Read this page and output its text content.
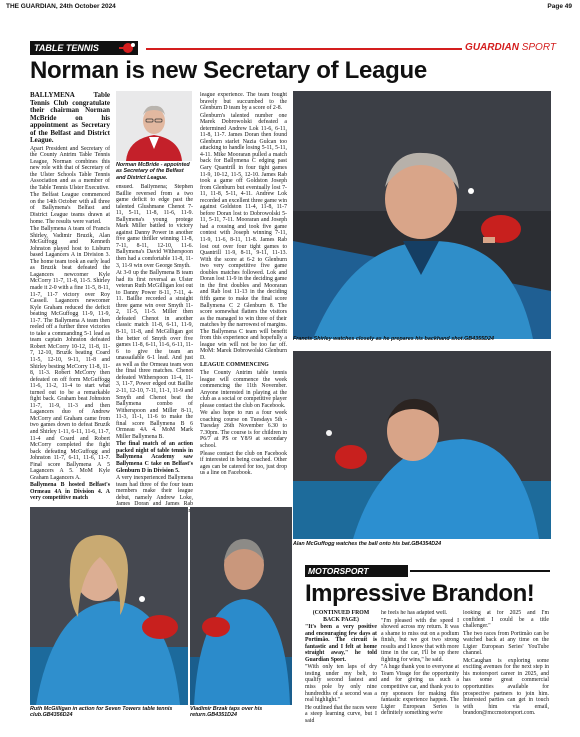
THE GUARDIAN, 24th October 2024	Page 49
TABLE TENNIS	GUARDIAN SPORT
Norman is new Secretary of League

BALLYMENA Table Tennis Club congratulate their chairman Norman McBride on his appointment as Secretary of the Belfast and District League.

Apart President and Secretary of the County Antrim Table Tennis League, Norman combines this new role with that of Secretary of the Ulster Schools Table Tennis Association and as a member of the Table Tennis Ulster Executive.

The Belfast League commenced on the 14th October with all three of Ballymena's Belfast and District League teams drawn at home. The results were varied.

The Ballymena A team of Francis Shirley, Vadimir Bruzik, Alan McGuffogg and Kenneth Johnston played host to Lisburn based Lagancers A in Division 3. The home team took an early lead as Bruzik beat defeated the Lagancers newcomer Kyle McCorry 11-7, 11-8, 11-5. Shirley made it 2-0 with a fine 11-5, 8-11, 11-7, 11-7 victory over Roy Cassell. Lagancers newcomer Kyle Graham reduced the deficit beating McGuffogg 11-9, 11-9, 11-7. The Ballymena A team then reeled off a further three victories to take a commanding 5-1 lead as team captain Johnston defeated Robert McCorry 10-12, 11-8, 11-7, 12-10, Bruzik beating Coard 11-5, 12-10, 9-11, 11-8 and Shirley besting McCorry 11-8, 11-8, 11-3. Robert McCorry then defeated on off form McGuffogg 11-6, 11-2, 11-4 to start what turned out to be a remarkable fight back. Graham beat Johnston 11-7, 11-9, 11-3 and then Lagancers duo of Andrew McCorry and Graham came from two games down to defeat Bruzik and Shirley 1-11, 6-11, 11-6, 11-7, 11-4 and Coard and Robert McCorry completed the fight back defeating McGuffogg and Johnston 11-7, 6-11, 11-6, 11-7. Final score Ballymena A 5 Lagancers A 5. MoM Kyle Graham Lagancers A.

Ballymena B hosted Belfast's Ormeau 4A in Division 4. A very competitive match

Norman McBride - appointed as Secretary of the Belfast and District League.

ensued. Ballymena; Stephen Baillie reversed from a two game deficit to edge past the talented Glushmane Chenot 7-11, 5-11, 11-8, 11-6, 11-9. Ballymena's young protege Mark Miller battled to victory against Danny Power in another five game thriller winning 11-8, 7-11, 8-11, 12-10, 11-6. Ballymena's David Witherspoon then had a comfortable 11-8, 11-3, 11-9 win over George Smyth.

At 3-0 up the Ballymena B team had its first reversal as Ulster veteran Ruth McGilligan lost out to Danny Power 8-11, 7-11, 4-11. Baillie recorded a straight three game win over Smyth 11-2, 11-5, 11-5. Miller then defeated Chenot in another classic match 11-8, 6-11, 11-9, 8-11, 11-8, and McGilligan got the better of Smyth over five games 11-8, 6-11, 11-6, 6-11, 11-6 to give the team an unassailable 6-1 lead. And just as well as the Ormeau team won the final three matches. Chenot defeated Witherspoon 11-4, 11-3, 11-7, Power edged out Baillie 2-11, 12-10, 7-11, 11-1, 11-9 and Smyth and Chenot beat the Ballymena combo of Witherspoon and Miller 8-11, 11-3, 11-1, 11-6 to make the final score Ballymena B 6 Ormeau 4A 4. MoM Mark Miller Ballymena B.

The final match of an action packed night of table tennis in Ballymena Academy saw Ballymena C take on Belfast's Glenburn D in Division 5.

A very inexperienced Ballymena team had three of the four team members make their league debut, namely Andrew Loke, James Doran and James Rab

league experience. The team fought bravely but succumbed to the Glenburn D team by a score of 2-8.

Glenburn's talented number one Marek Dobrowolski defeated a determined Andrew Lok 11-6, 6-11, 11-8, 11-7. James Doran then found Glenburn starlet Nazia Gulcan too attacking to handle losing 5-11, 5-11, 4-11. Mike Mooraran pulled a match back for Ballymena C edging past Gary Quantrill in four tight games 11-9, 10-12, 11-5, 12-10. James Rab took a game off Goldston Joseph from Glenburn but eventually lost 7-11, 11-8, 5-11, 4-11. Andrew Lok recorded an excellent three game win against Goldston 11-4, 11-8, 11-7 before Doran lost to Dobrowolski 5-11, 5-11, 7-11. Mooraran and Joseph had a rousing and took five game contest with Joseph winning 7-11, 11-9, 11-6, 8-11, 11-8. James Rab lost out over four tight games to Quantrill 11-9, 8-11, 9-11, 11-13. With the score at 6-2 to Glenburn two very competitive five game doubles matches followed. Lok and Doran lost 11-9 in the deciding game in the first doubles and Mooraran and Rab lost 11-13 in the deciding fifth game to make the final score Ballymena C 2 Glenburn 8. The score somewhat flatters the visitors as the managed to win three of their matches by the narrowest of margins. The Ballymena C team will benefit from this experience and hopefully a league win will not be too far off. MoM: Marek Dobrowolski Glenburn D.

LEAGUE COMMENCING

The County Antrim table tennis league will commence the week commencing the 11th November. Anyone interested in playing at the club as a social or competitive player please contact the club on Facebook.

We also hope to run a four week coaching course on Tuesdays 5th - Tuesday 26th November 6.30 to 7.30pm. The course is for children in P6/7 at PS or Y8/9 at secondary school.

Please contact the club on Facebook if interested in being coached. Other ages can be catered for too, just drop us a line on Facebook.

Francis Shirley watches closely as he prepares his backhand shot.GB4355D24
Alan McGuffogg watches the ball onto his bat.GB4354D24
Ruth McGilligan in action for Seven Towers table tennis club.GB4356D24
Vladimir Brzak taps over his return.GB4351D24
MOTORSPORT
Impressive Brandon!

(CONTINUED FROM BACK PAGE)

"It's been a very positive and encouraging few days at Portimão. The circuit is fantastic and I felt at home straight away," he told Guardian Sport.

"With only ten laps of dry testing under my belt, to qualify second fastest and miss pole by only nine hundredths of a second was a real highlight."

He outlined that the races were a steep learning curve, but I said

he feels he has adapted well.

"I'm pleased with the speed I showed across my return. It was a shame to miss out on a podium finish, but we got two strong results and I know that with more time in the car, I'll be up there fighting for wins," he said.

"A huge thank you to everyone at Team Virage for the opportunity and for giving us such a competitive car, and thank you to my sponsors for making this fantastic experience happen. The Ligier European Series is definitely something we're

looking at for 2025 and I'm confident I could be a title challenger."

The two races from Portimão can be watched back at any time on the Ligier European Series' YouTube channel.

McCaughan is exploring some exciting avenues for the next step in his motorsport career in 2025, and has some great commercial opportunities available for prospective partners to join him. Interested parties can get in touch with him via email, brandon@mccmotorsport.com.
